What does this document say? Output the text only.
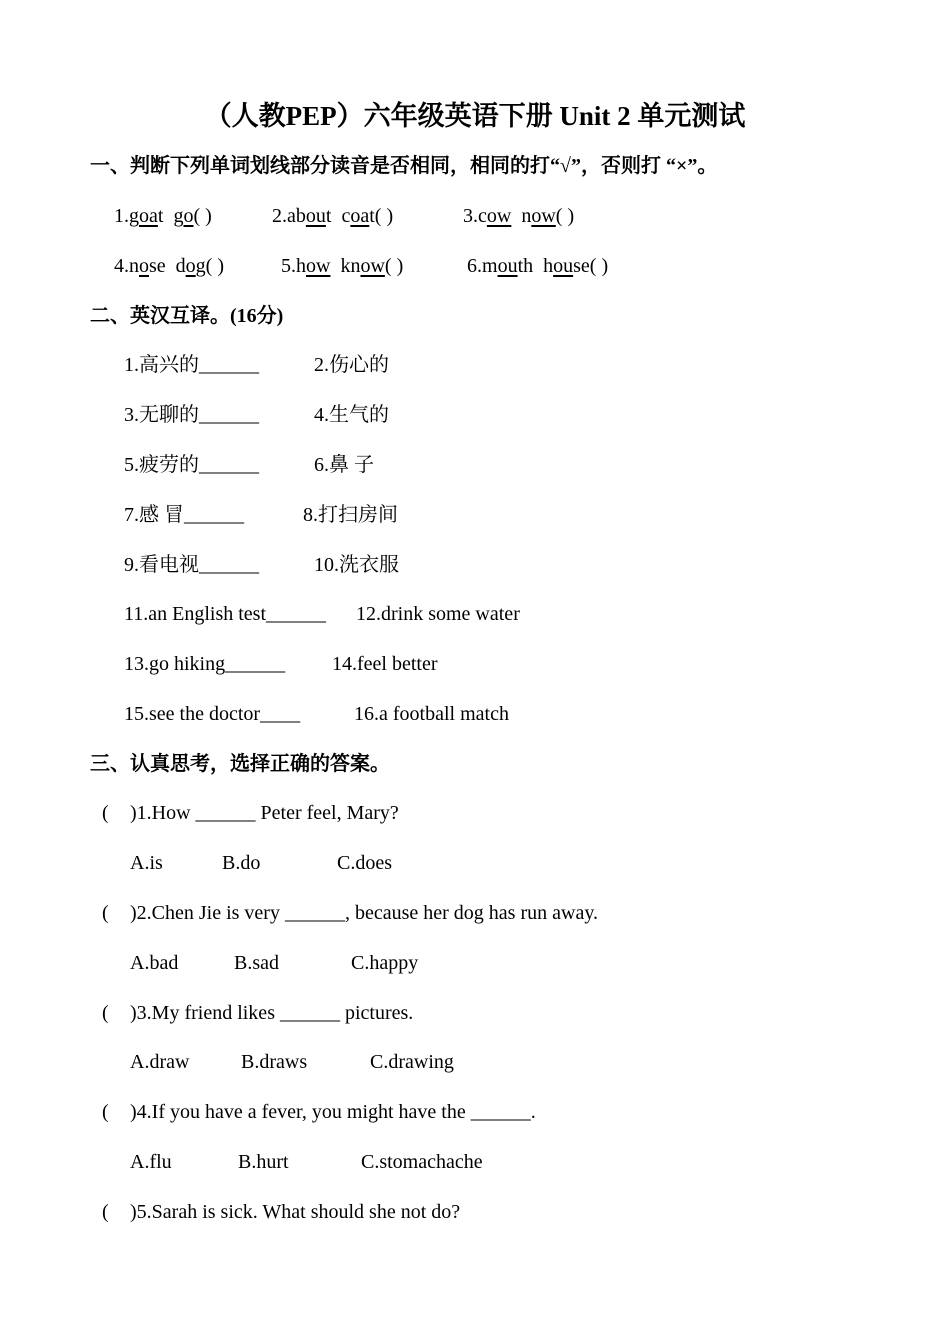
（人教PEP）六年级英语下册 Unit 2 单元测试
一、判断下列单词划线部分读音是否相同，相同的打“√”，否则打 “×”。
1.goat go( )	2.about coat( )	3.cow now( )
4.nose dog( )	5.how know( )	6.mouth house( )
二、英汉互译。(16分)
1.高兴的______	2.伤心的
3.无聊的______	4.生气的
5.疲劳的______	6.鼻 子
7.感 冒______	8.打扫房间
9.看电视______	10.洗衣服
11.an English test______ 12.drink some water
13.go hiking______ 14.feel better
15.see the doctor____	16.a football match
三、认真思考，选择正确的答案。
( )1.How ______ Peter feel, Mary?
A.is	B.do	C.does
( )2.Chen Jie is very ______, because her dog has run away.
A.bad	B.sad	C.happy
( )3.My friend likes ______ pictures.
A.draw	B.draws	C.drawing
( )4.If you have a fever, you might have the ______.
A.flu	B.hurt	C.stomachache
( )5.Sarah is sick. What should she not do?
